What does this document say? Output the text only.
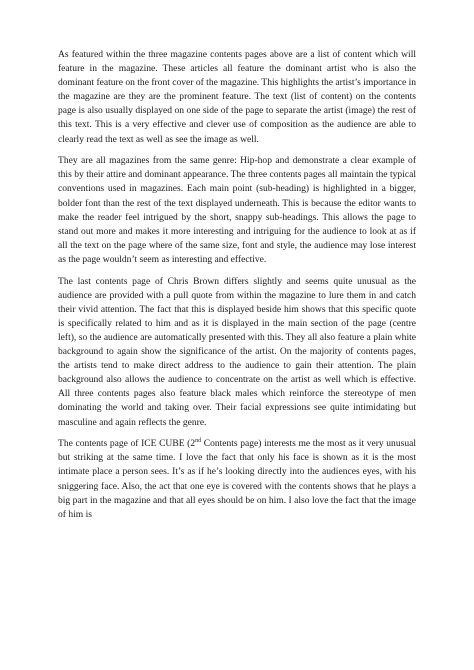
As featured within the three magazine contents pages above are a list of content which will feature in the magazine. These articles all feature the dominant artist who is also the dominant feature on the front cover of the magazine. This highlights the artist’s importance in the magazine are they are the prominent feature. The text (list of content) on the contents page is also usually displayed on one side of the page to separate the artist (image) the rest of this text. This is a very effective and clever use of composition as the audience are able to clearly read the text as well as see the image as well.

They are all magazines from the same genre: Hip-hop and demonstrate a clear example of this by their attire and dominant appearance. The three contents pages all maintain the typical conventions used in magazines. Each main point (sub-heading) is highlighted in a bigger, bolder font than the rest of the text displayed underneath. This is because the editor wants to make the reader feel intrigued by the short, snappy sub-headings. This allows the page to stand out more and makes it more interesting and intriguing for the audience to look at as if all the text on the page where of the same size, font and style, the audience may lose interest as the page wouldn’t seem as interesting and effective.

The last contents page of Chris Brown differs slightly and seems quite unusual as the audience are provided with a pull quote from within the magazine to lure them in and catch their vivid attention. The fact that this is displayed beside him shows that this specific quote is specifically related to him and as it is displayed in the main section of the page (centre left), so the audience are automatically presented with this. They all also feature a plain white background to again show the significance of the artist. On the majority of contents pages, the artists tend to make direct address to the audience to gain their attention. The plain background also allows the audience to concentrate on the artist as well which is effective. All three contents pages also feature black males which reinforce the stereotype of men dominating the world and taking over. Their facial expressions see quite intimidating but masculine and again reflects the genre.

The contents page of ICE CUBE (2nd Contents page) interests me the most as it very unusual but striking at the same time. I love the fact that only his face is shown as it is the most intimate place a person sees. It’s as if he’s looking directly into the audiences eyes, with his sniggering face. Also, the act that one eye is covered with the contents shows that he plays a big part in the magazine and that all eyes should be on him. I also love the fact that the image of him is
